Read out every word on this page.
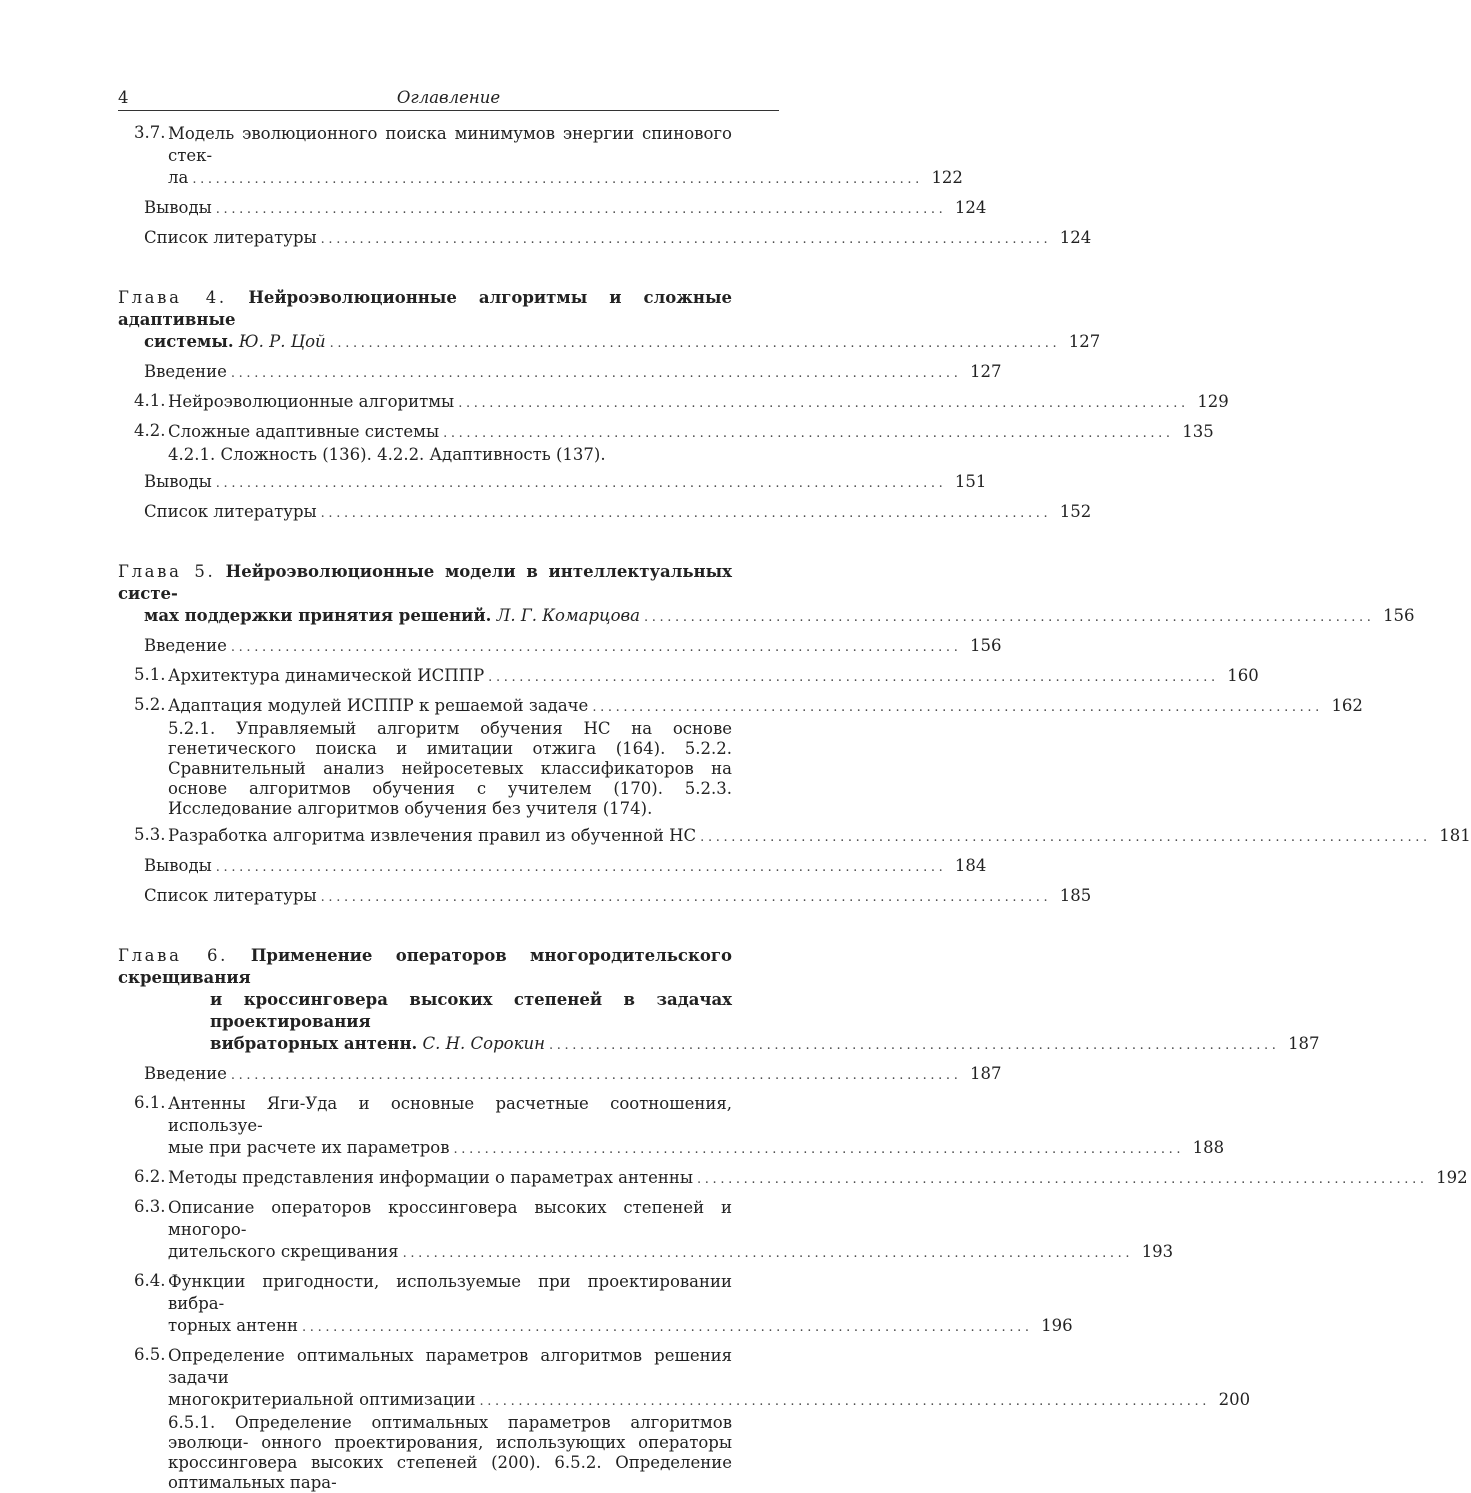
4	Оглавление
3.7. Модель эволюционного поиска минимумов энергии спинового стек-
ла .............................................................................................. 122
Выводы .............................................................................................. 124
Список литературы .............................................................................................. 124
Глава 4. Нейроэволюционные алгоритмы и сложные адаптивные
системы. Ю. Р. Цой .............................................................................................. 127
Введение .............................................................................................. 127
4.1. Нейроэволюционные алгоритмы .............................................................................................. 129
4.2. Сложные адаптивные системы .............................................................................................. 135
4.2.1. Сложность (136). 4.2.2. Адаптивность (137).
Выводы .............................................................................................. 151
Список литературы .............................................................................................. 152
Глава 5. Нейроэволюционные модели в интеллектуальных систе-
мах поддержки принятия решений. Л. Г. Комарцова .............................................................................................. 156
Введение .............................................................................................. 156
5.1. Архитектура динамической ИСППР .............................................................................................. 160
5.2. Адаптация модулей ИСППР к решаемой задаче .............................................................................................. 162
5.2.1. Управляемый алгоритм обучения НС на основе генетического поиска и имитации отжига (164). 5.2.2. Сравнительный анализ нейросетевых классификаторов на основе алгоритмов обучения с учителем (170). 5.2.3. Исследование алгоритмов обучения без учителя (174).
5.3. Разработка алгоритма извлечения правил из обученной НС .............................................................................................. 181
Выводы .............................................................................................. 184
Список литературы .............................................................................................. 185
Глава 6. Применение операторов многородительского скрещивания
и кроссинговера высоких степеней в задачах проектирования
вибраторных антенн. С. Н. Сорокин .............................................................................................. 187
Введение .............................................................................................. 187
6.1. Антенны Яги-Уда и основные расчетные соотношения, используе-
мые при расчете их параметров .............................................................................................. 188
6.2. Методы представления информации о параметрах антенны .............................................................................................. 192
6.3. Описание операторов кроссинговера высоких степеней и многоро-
дительского скрещивания .............................................................................................. 193
6.4. Функции пригодности, используемые при проектировании вибра-
торных антенн .............................................................................................. 196
6.5. Определение оптимальных параметров алгоритмов решения задачи
многокритериальной оптимизации .............................................................................................. 200
6.5.1. Определение оптимальных параметров алгоритмов эволюци- онного проектирования, использующих операторы кроссинговера высоких степеней (200). 6.5.2. Определение оптимальных пара-
